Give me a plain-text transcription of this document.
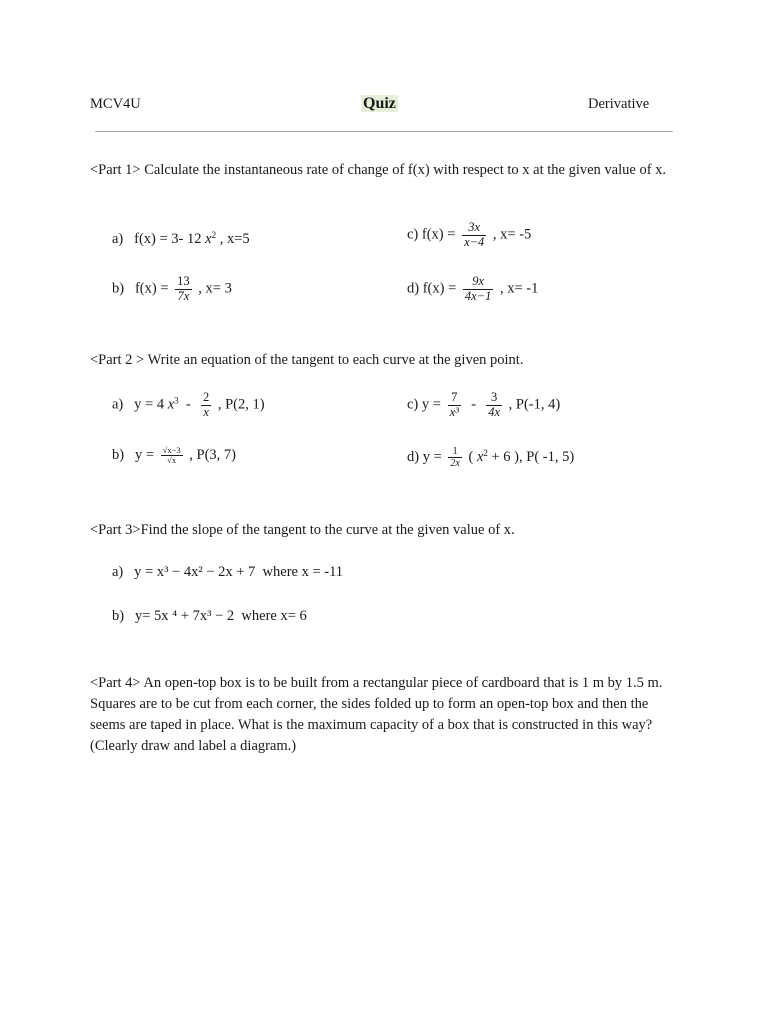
MCV4U	Quiz	Derivative
<Part 1> Calculate the instantaneous rate of change of f(x) with respect to x at the given value of x.
a) f(x) = 3- 12 $x^2$ , x=5	c) $f(x) = \frac{3x}{x-4}$ , x= -5
b) $f(x) = \frac{13}{7x}$ , x= 3	d) $f(x) = \frac{9x}{4x-1}$ , x= -1
<Part 2 > Write an equation of the tangent to each curve at the given point.
a) y = 4 $x^3 - \frac{2}{x}$ , P(2, 1)	c) $y = \frac{7}{\text{x³}} - \frac{3}{4x}$ , P(-1, 4)
b) $y = \frac{√x-3}{√x}$ , P(3, 7)	d) $y = \frac{1}{2x}$ ( $x^2 + 6$ ), P( -1, 5)
<Part 3>Find the slope of the tangent to the curve at the given value of x.
a) y = x³ − 4x² − 2x + 7 where x = -11
b) y= 5x ⁴ + 7x³ − 2 where x= 6
<Part 4> An open-top box is to be built from a rectangular piece of cardboard that is 1 m by 1.5 m. Squares are to be cut from each corner, the sides folded up to form an open-top box and then the seems are taped in place. What is the maximum capacity of a box that is constructed in this way? (Clearly draw and label a diagram.)
